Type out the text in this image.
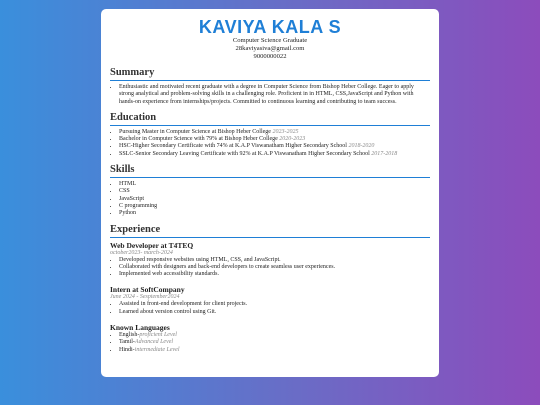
KAVIYA KALA S
Computer Science Graduate
28kaviyasiva@gmail.com
9000000022
Summary
• Enthusiastic and motivated recent graduate with a degree in Computer Science from Bishop Heber College. Eager to apply strong analytical and problem-solving skills in a challenging role. Proficient in in HTML, CSS,JavaScript and Python with hands-on experience from internships/projects. Committed to continuous learning and contributing to team success.
Education
• Pursuing Master in Computer Science at Bishop Heber College 2023-2025
• Bachelor in Computer Science with 79% at Bishop Heber College 2020-2023
• HSC-Higher Secondary Certificate with 74% at K.A.P Viswanatham Higher Secondary School 2018-2020
• SSLC-Senior Secondary Leaving Certificate with 92% at K.A.P Viswanatham Higher Secondary School 2017-2018
Skills
• HTML
• CSS
• JavaScript
• C programming
• Python
Experience
Web Developer at T4TEQ
october2023- march-2024
• Developed responsive websites using HTML, CSS, and JavaScript.
• Collaborated with designers and back-end developers to create seamless user experiences.
• Implemented web accessibility standards.
Intern at SoftCompany
June 2024 - Sesptember2024
• Assisted in front-end development for client projects.
• Learned about version control using Git.
Known Languages
• English-proficient Level
• Tamil-Advanced Level
• Hindi-intermediate Level
